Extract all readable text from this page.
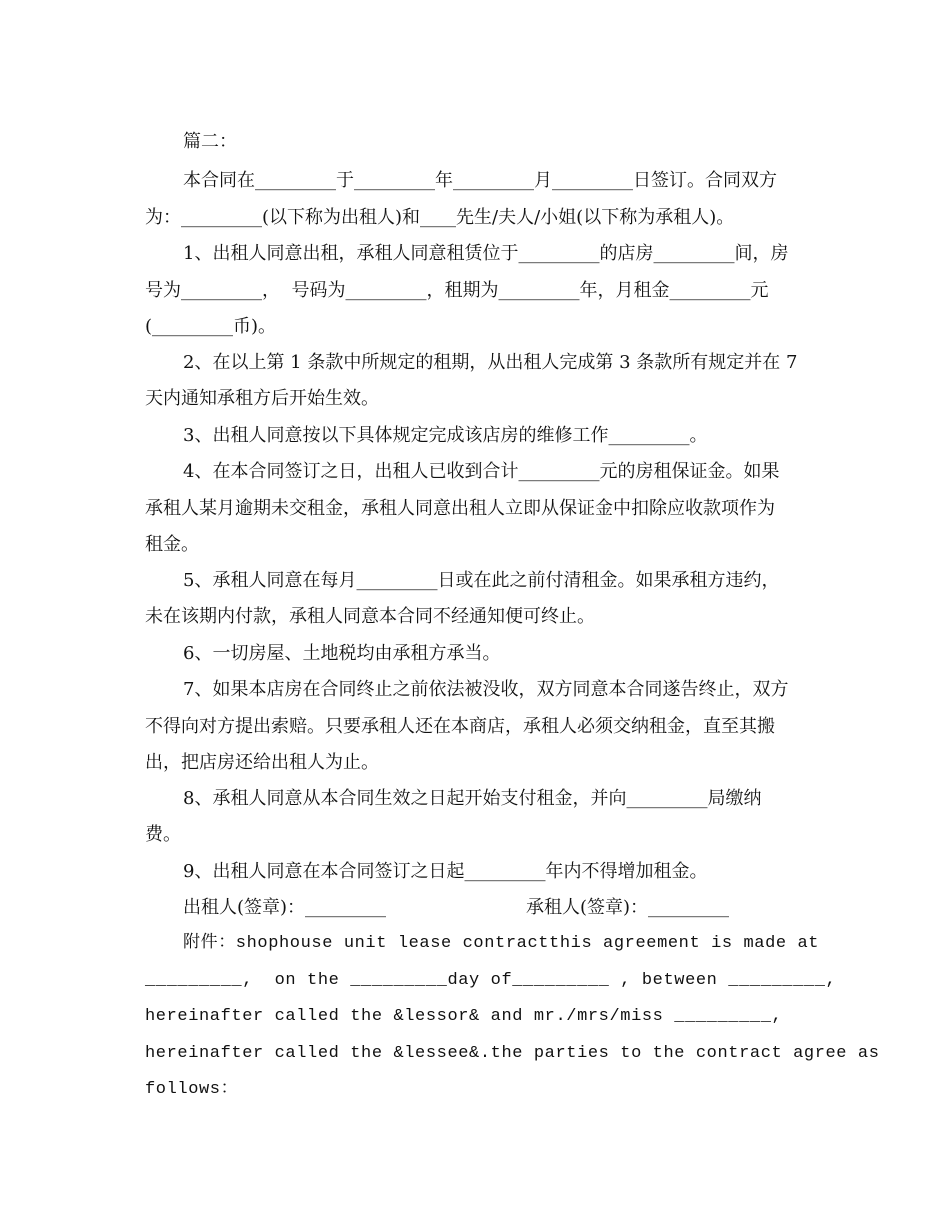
篇二：

本合同在_________于_________年_________月_________日签订。合同双方

为：_________(以下称为出租人)和____先生/夫人/小姐(以下称为承租人)。

1、出租人同意出租，承租人同意租赁位于_________的店房_________间，房

号为_________，  号码为_________，租期为_________年，月租金_________元

(_________币)。

2、在以上第 1 条款中所规定的租期，从出租人完成第 3 条款所有规定并在 7

天内通知承租方后开始生效。

3、出租人同意按以下具体规定完成该店房的维修工作_________。

4、在本合同签订之日，出租人已收到合计_________元的房租保证金。如果

承租人某月逾期未交租金，承租人同意出租人立即从保证金中扣除应收款项作为

租金。

5、承租人同意在每月_________日或在此之前付清租金。如果承租方违约，

未在该期内付款，承租人同意本合同不经通知便可终止。

6、一切房屋、土地税均由承租方承当。

7、如果本店房在合同终止之前依法被没收，双方同意本合同遂告终止，双方

不得向对方提出索赔。只要承租人还在本商店，承租人必须交纳租金，直至其搬

出，把店房还给出租人为止。

8、承租人同意从本合同生效之日起开始支付租金，并向_________局缴纳

费。

9、出租人同意在本合同签订之日起_________年内不得增加租金。

出租人(签章)：_________	承租人(签章)：_________

附件：shophouse unit lease contractthis agreement is made at

_________,  on the _________day of_________ , between _________,

hereinafter called the &lessor& and mr./mrs/miss _________,

hereinafter called the &lessee&.the parties to the contract agree as

follows：
